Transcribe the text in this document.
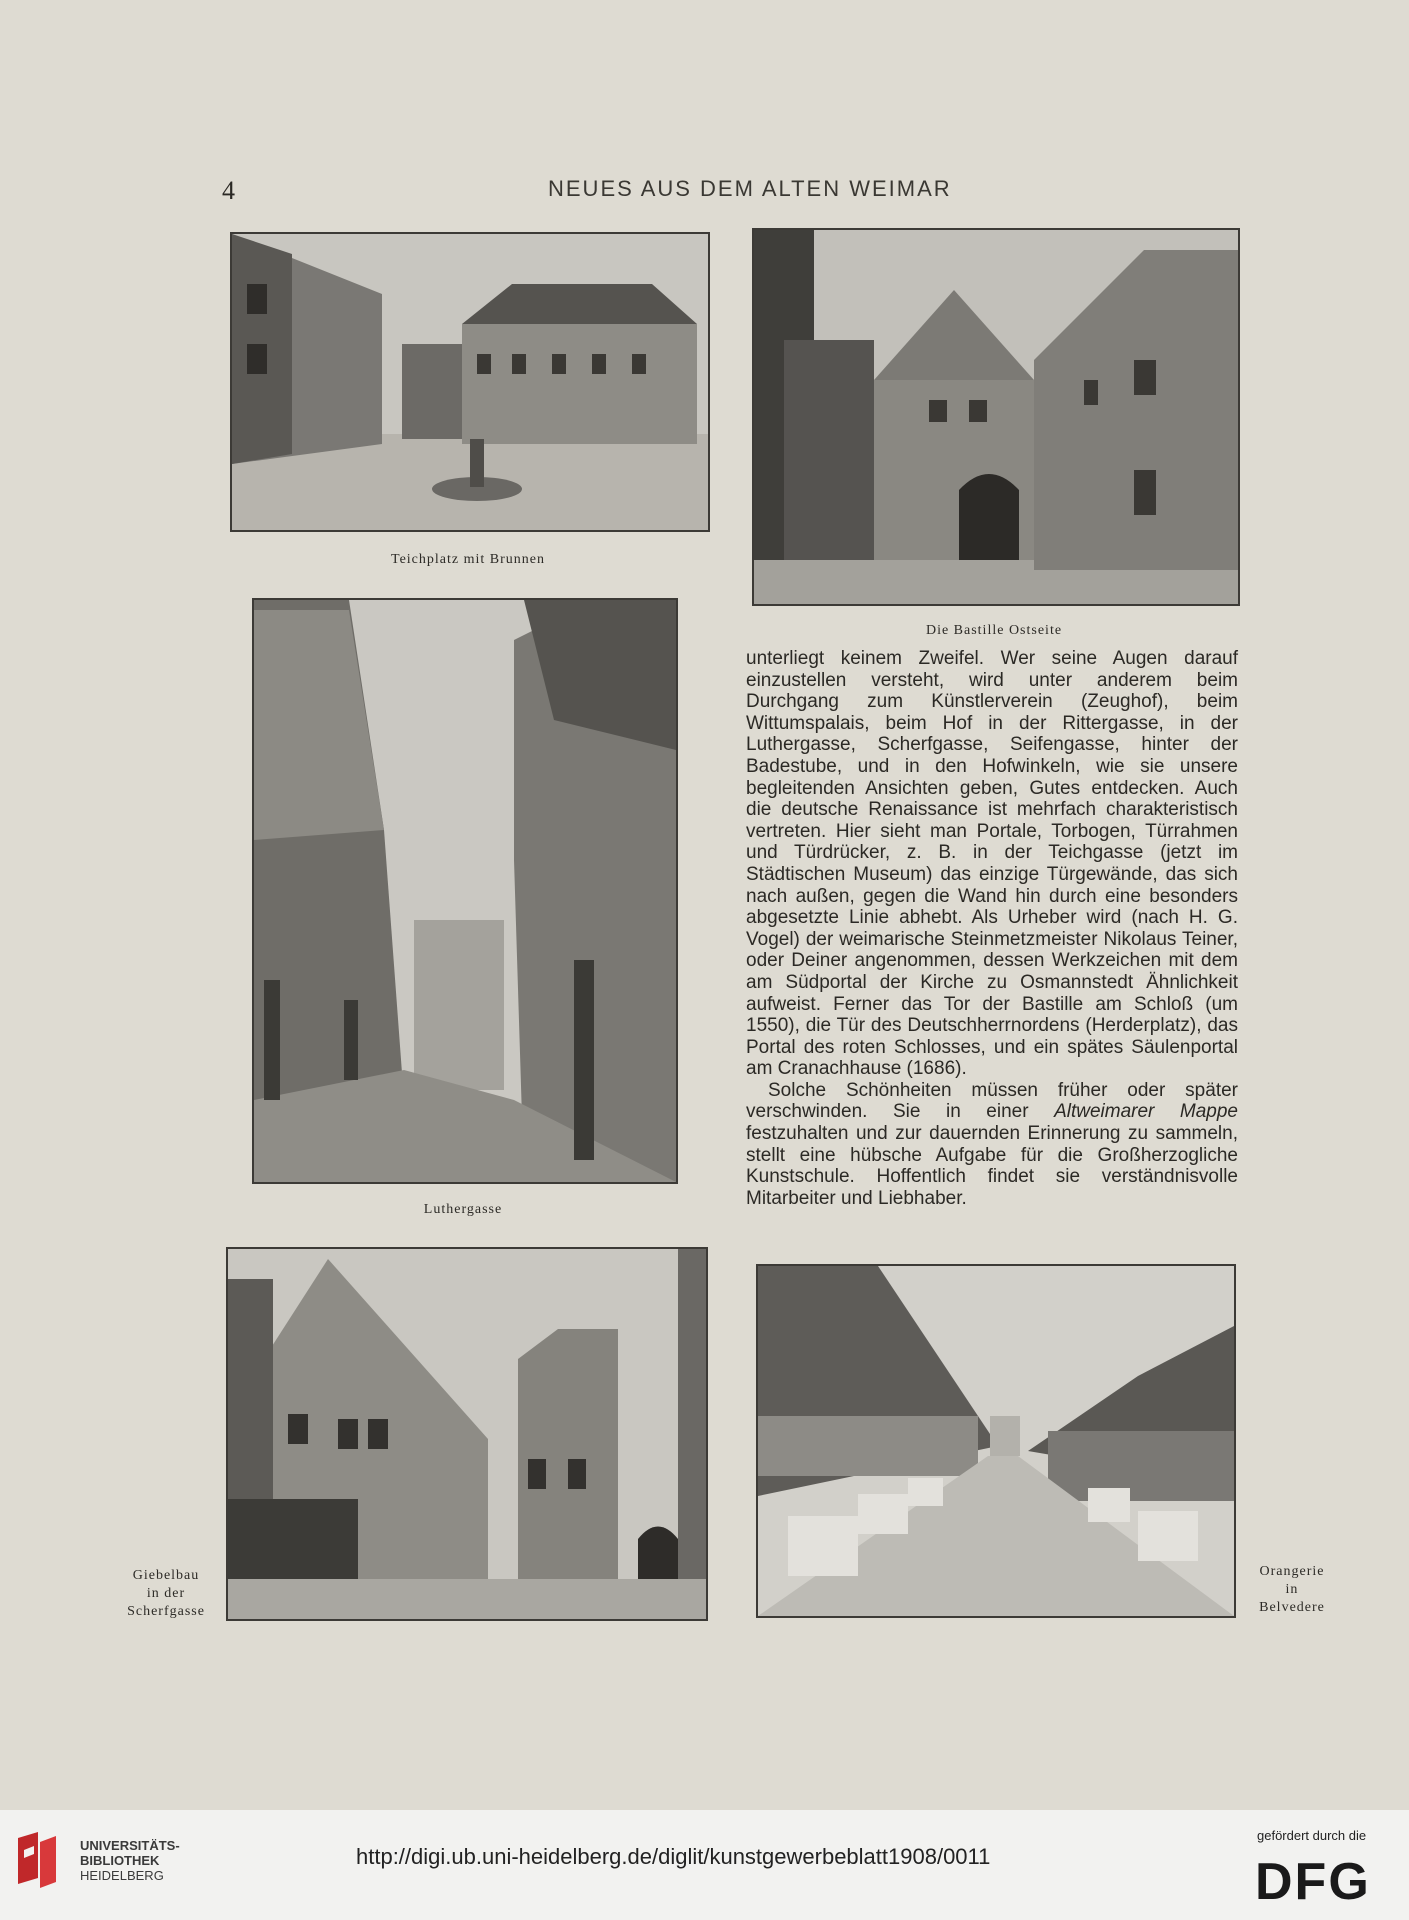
4	NEUES AUS DEM ALTEN WEIMAR
Teichplatz mit Brunnen
Die Bastille Ostseite
Luthergasse

unterliegt keinem Zweifel. Wer seine Augen darauf einzustellen versteht, wird unter anderem beim Durchgang zum Künstlerverein (Zeughof), beim Wittumspalais, beim Hof in der Rittergasse, in der Luthergasse, Scherfgasse, Seifengasse, hinter der Badestube, und in den Hofwinkeln, wie sie unsere begleitenden Ansichten geben, Gutes entdecken. Auch die deutsche Renaissance ist mehrfach charakteristisch vertreten. Hier sieht man Portale, Torbogen, Türrahmen und Türdrücker, z. B. in der Teichgasse (jetzt im Städtischen Museum) das einzige Türgewände, das sich nach außen, gegen die Wand hin durch eine besonders abgesetzte Linie abhebt. Als Urheber wird (nach H. G. Vogel) der weimarische Steinmetzmeister Nikolaus Teiner, oder Deiner angenommen, dessen Werkzeichen mit dem am Südportal der Kirche zu Osmannstedt Ähnlichkeit aufweist. Ferner das Tor der Bastille am Schloß (um 1550), die Tür des Deutschherrnordens (Herderplatz), das Portal des roten Schlosses, und ein spätes Säulenportal am Cranachhause (1686).

Solche Schönheiten müssen früher oder später verschwinden. Sie in einer Altweimarer Mappe festzuhalten und zur dauernden Erinnerung zu sammeln, stellt eine hübsche Aufgabe für die Großherzogliche Kunstschule. Hoffentlich findet sie verständnisvolle Mitarbeiter und Liebhaber.

Giebelbau
in der
Scherfgasse
Orangerie
in
Belvedere
UNIVERSITÄTS-
BIBLIOTHEK
HEIDELBERG
http://digi.ub.uni-heidelberg.de/diglit/kunstgewerbeblatt1908/0011
gefördert durch die
DFG
